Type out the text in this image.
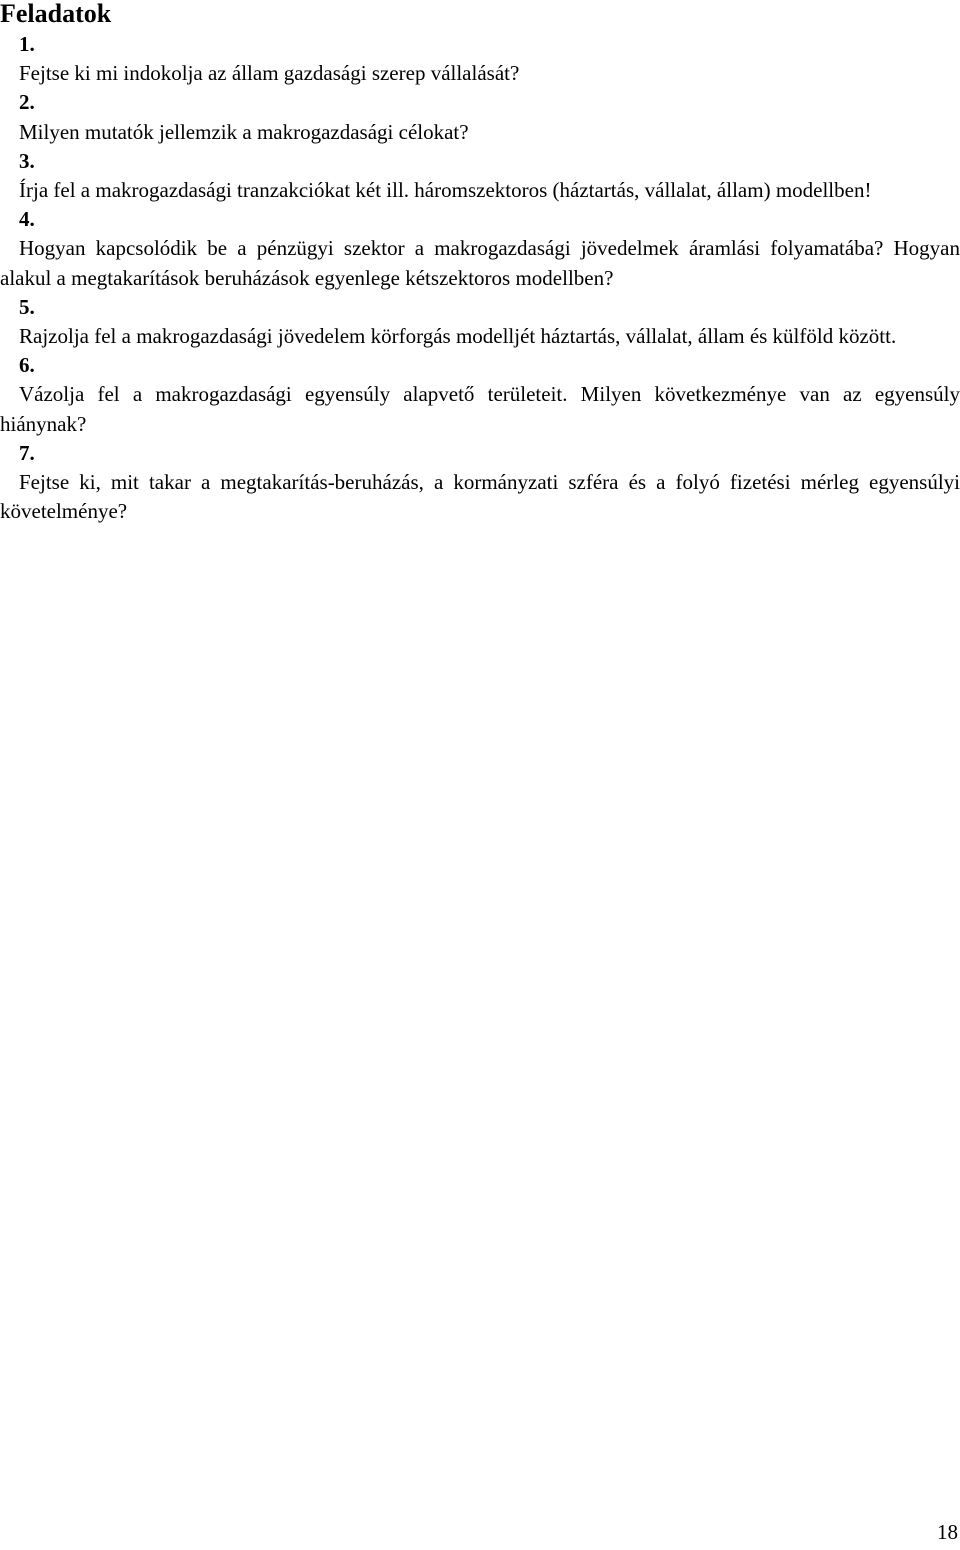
Feladatok

1.

Fejtse ki mi indokolja az állam gazdasági szerep vállalását?

2.

Milyen mutatók jellemzik a makrogazdasági célokat?

3.

Írja fel a makrogazdasági tranzakciókat két ill. háromszektoros (háztartás, vállalat, állam) modellben!

4.

Hogyan kapcsolódik be a pénzügyi szektor a makrogazdasági jövedelmek áramlási folyamatába? Hogyan alakul a megtakarítások beruházások egyenlege kétszektoros modellben?

5.

Rajzolja fel a makrogazdasági jövedelem körforgás modelljét háztartás, vállalat, állam és külföld között.

6.

Vázolja fel a makrogazdasági egyensúly alapvető területeit. Milyen következménye van az egyensúly hiánynak?

7.

Fejtse ki, mit takar a megtakarítás-beruházás, a kormányzati szféra és a folyó fizetési mérleg egyensúlyi követelménye?

18
